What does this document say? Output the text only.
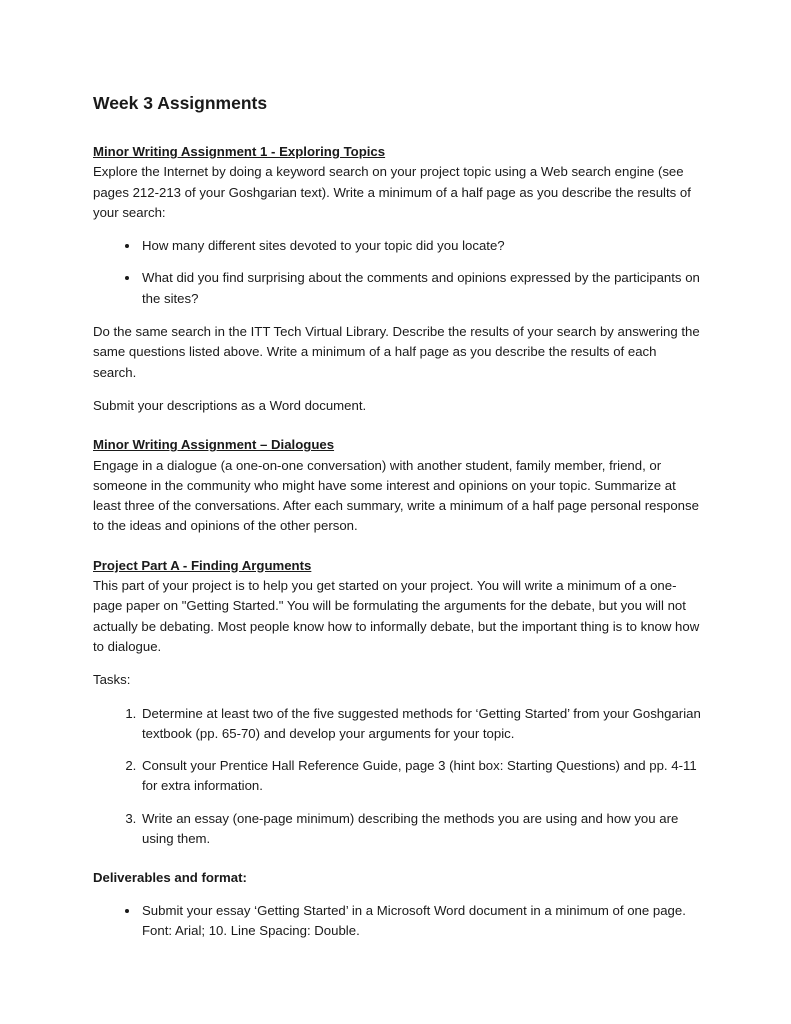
Week 3 Assignments
Minor Writing Assignment 1 - Exploring Topics

Explore the Internet by doing a keyword search on your project topic using a Web search engine (see pages 212-213 of your Goshgarian text). Write a minimum of a half page as you describe the results of your search:

• How many different sites devoted to your topic did you locate?
• What did you find surprising about the comments and opinions expressed by the participants on the sites?

Do the same search in the ITT Tech Virtual Library. Describe the results of your search by answering the same questions listed above. Write a minimum of a half page as you describe the results of each search.

Submit your descriptions as a Word document.

Minor Writing Assignment – Dialogues

Engage in a dialogue (a one-on-one conversation) with another student, family member, friend, or someone in the community who might have some interest and opinions on your topic. Summarize at least three of the conversations. After each summary, write a minimum of a half page personal response to the ideas and opinions of the other person.

Project Part A - Finding Arguments

This part of your project is to help you get started on your project. You will write a minimum of a one-page paper on "Getting Started." You will be formulating the arguments for the debate, but you will not actually be debating. Most people know how to informally debate, but the important thing is to know how to dialogue.

Tasks:

1. Determine at least two of the five suggested methods for ‘Getting Started’ from your Goshgarian textbook (pp. 65-70) and develop your arguments for your topic.
2. Consult your Prentice Hall Reference Guide, page 3 (hint box: Starting Questions) and pp. 4-11 for extra information.
3. Write an essay (one-page minimum) describing the methods you are using and how you are using them.
Deliverables and format:
• Submit your essay ‘Getting Started’ in a Microsoft Word document in a minimum of one page. Font: Arial; 10. Line Spacing: Double.
